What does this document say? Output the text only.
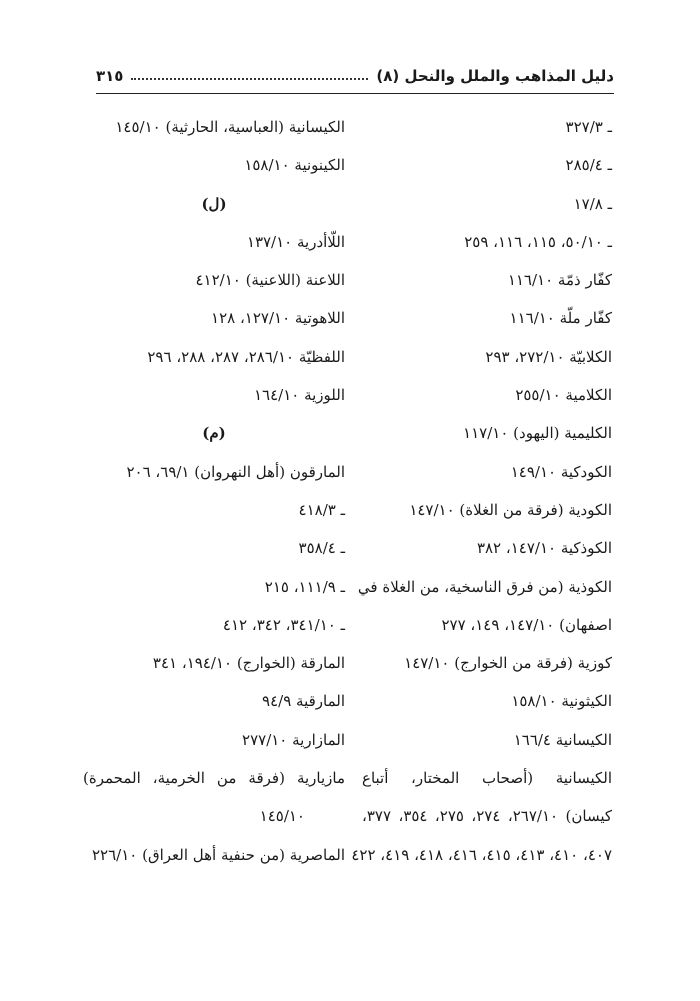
دليل المذاهب والملل والنحل (٨)
٣١٥
ـ ٣٢٧/٣
ـ ٢٨٥/٤
ـ ١٧/٨
ـ ٥٠/١٠، ١١٥، ١١٦، ٢٥٩
كفّار ذمّة ١١٦/١٠
كفّار ملّة ١١٦/١٠
الكلابيّة ٢٧٢/١٠، ٢٩٣
الكلامية ٢٥٥/١٠
الكليمية (اليهود) ١١٧/١٠
الكودكية ١٤٩/١٠
الكودية (فرقة من الغلاة) ١٤٧/١٠
الكوذكية ١٤٧/١٠، ٣٨٢
الكوذية (من فرق الناسخية، من الغلاة في
اصفهان) ١٤٧/١٠، ١٤٩، ٢٧٧
كوزية (فرقة من الخوارج) ١٤٧/١٠
الكيثونية ١٥٨/١٠
الكيسانية ١٦٦/٤
الكيسانية (أصحاب المختار، أتباع
كيسان) ٢٦٧/١٠، ٢٧٤، ٢٧٥، ٣٥٤، ٣٧٧،
٤٠٧، ٤١٠، ٤١٣، ٤١٥، ٤١٦، ٤١٨، ٤١٩، ٤٢٢
الكيسانية (العباسية، الحارثية) ١٤٥/١٠
الكينونية ١٥٨/١٠
(ل)
اللّاأدرية ١٣٧/١٠
اللاعنة (اللاعنية) ٤١٢/١٠
اللاهوتية ١٢٧/١٠، ١٢٨
اللفظيّة ٢٨٦/١٠، ٢٨٧، ٢٨٨، ٢٩٦
اللوزية ١٦٤/١٠
(م)
المارقون (أهل النهروان) ٦٩/١، ٢٠٦
ـ ٤١٨/٣
ـ ٣٥٨/٤
ـ ١١١/٩، ٢١٥
ـ ٣٤١/١٠، ٣٤٢، ٤١٢
المارقة (الخوارج) ١٩٤/١٠، ٣٤١
المارقية ٩٤/٩
المازارية ٢٧٧/١٠
مازيارية (فرقة من الخرمية، المحمرة)
١٤٥/١٠
الماصرية (من حنفية أهل العراق) ٢٢٦/١٠
